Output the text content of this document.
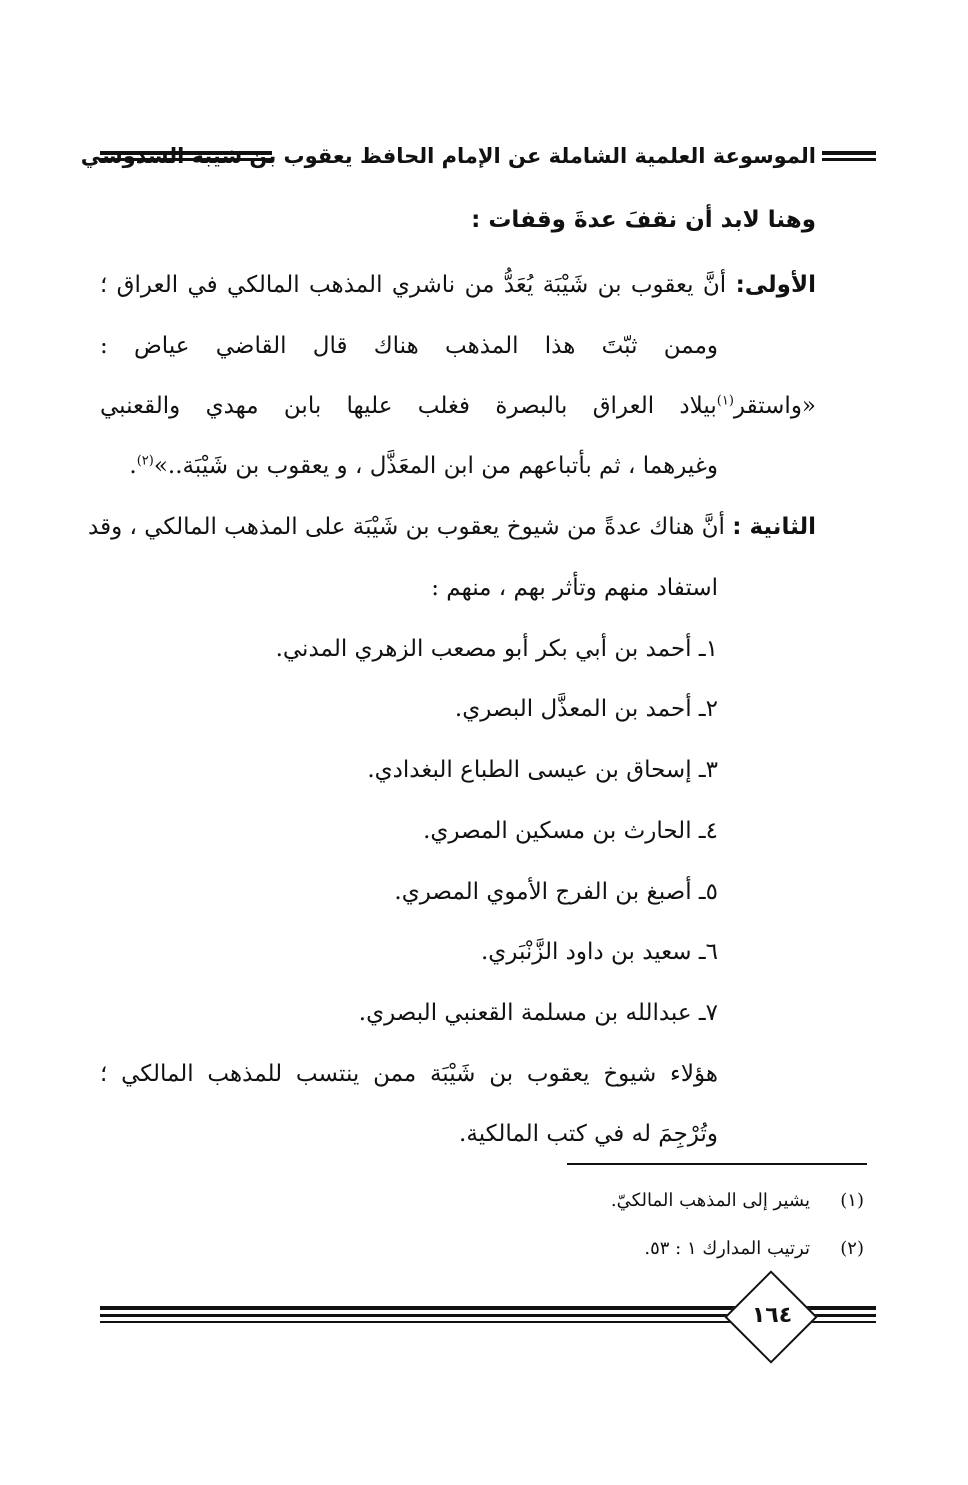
الموسوعة العلمية الشاملة عن الإمام الحافظ يعقوب بن شيبة السدوسي
وهنا لابد أن نقفَ عدةَ وقفات :
الأولى: أنَّ يعقوب بن شَيْبَة يُعَدُّ من ناشري المذهب المالكي في العراق ؛
وممن ثبّتَ هذا المذهب هناك قال القاضي عياض :
«واستقر$^{(١)}$بيلاد العراق بالبصرة فغلب عليها بابن مهدي والقعنبي
وغيرهما ، ثم بأتباعهم من ابن المعَذَّل ، و يعقوب بن شَيْبَة..»$^{(٢)}$.
الثانية : أنَّ هناك عدةً من شيوخ يعقوب بن شَيْبَة على المذهب المالكي ، وقد
استفاد منهم وتأثر بهم ، منهم :
١ـ أحمد بن أبي بكر أبو مصعب الزهري المدني.
٢ـ أحمد بن المعذَّل البصري.
٣ـ إسحاق بن عيسى الطباع البغدادي.
٤ـ الحارث بن مسكين المصري.
٥ـ أصبغ بن الفرج الأموي المصري.
٦ـ سعيد بن داود الزَّنْبَري.
٧ـ عبدالله بن مسلمة القعنبي البصري.
هؤلاء شيوخ يعقوب بن شَيْبَة ممن ينتسب للمذهب المالكي ؛
وتُرْجِمَ له في كتب المالكية.
(١)يشير إلى المذهب المالكيّ.
(٢)ترتيب المدارك ١ : ٥٣.
١٦٤
